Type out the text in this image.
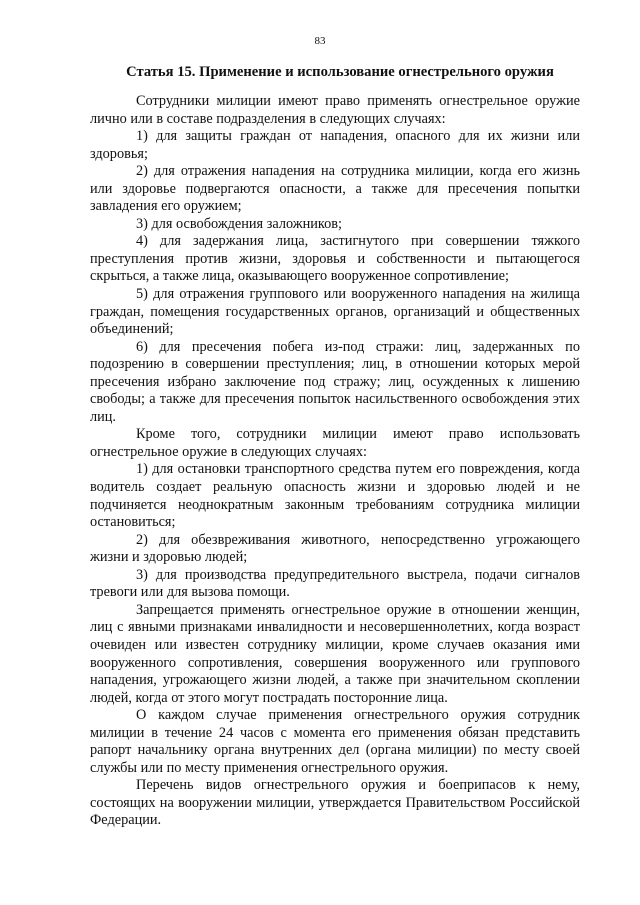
83
Статья 15. Применение и использование огнестрельного оружия

Сотрудники милиции имеют право применять огнестрельное оружие лично или в составе подразделения в следующих случаях:

1) для защиты граждан от нападения, опасного для их жизни или здоровья;

2) для отражения нападения на сотрудника милиции, когда его жизнь или здоровье подвергаются опасности, а также для пресечения попытки завладения его оружием;

3) для освобождения заложников;

4) для задержания лица, застигнутого при совершении тяжкого преступления против жизни, здоровья и собственности и пытающегося скрыться, а также лица, оказывающего вооруженное сопротивление;

5) для отражения группового или вооруженного нападения на жилища граждан, помещения государственных органов, организаций и общественных объединений;

6) для пресечения побега из-под стражи: лиц, задержанных по подозрению в совершении преступления; лиц, в отношении которых мерой пресечения избрано заключение под стражу; лиц, осужденных к лишению свободы; а также для пресечения попыток насильственного освобождения этих лиц.

Кроме того, сотрудники милиции имеют право использовать огнестрельное оружие в следующих случаях:

1) для остановки транспортного средства путем его повреждения, когда водитель создает реальную опасность жизни и здоровью людей и не подчиняется неоднократным законным требованиям сотрудника милиции остановиться;

2) для обезвреживания животного, непосредственно угрожающего жизни и здоровью людей;

3) для производства предупредительного выстрела, подачи сигналов тревоги или для вызова помощи.

Запрещается применять огнестрельное оружие в отношении женщин, лиц с явными признаками инвалидности и несовершеннолетних, когда возраст очевиден или известен сотруднику милиции, кроме случаев оказания ими вооруженного сопротивления, совершения вооруженного или группового нападения, угрожающего жизни людей, а также при значительном скоплении людей, когда от этого могут пострадать посторонние лица.

О каждом случае применения огнестрельного оружия сотрудник милиции в течение 24 часов с момента его применения обязан представить рапорт начальнику органа внутренних дел (органа милиции) по месту своей службы или по месту применения огнестрельного оружия.

Перечень видов огнестрельного оружия и боеприпасов к нему, состоящих на вооружении милиции, утверждается Правительством Российской Федерации.
